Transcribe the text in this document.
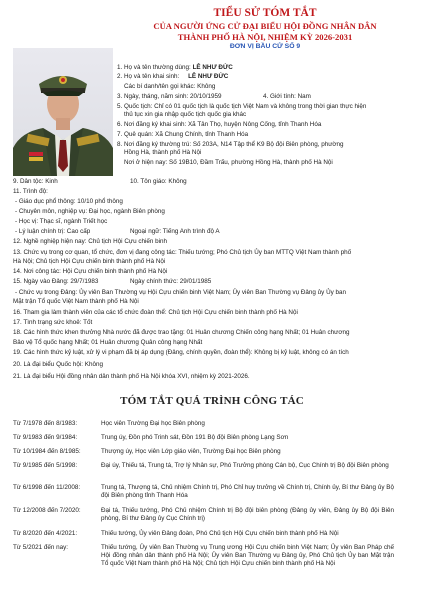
TIỂU SỬ TÓM TẮT
CỦA NGƯỜI ỨNG CỬ ĐẠI BIỂU HỘI ĐỒNG NHÂN DÂN
THÀNH PHỐ HÀ NỘI, NHIỆM KỲ 2026-2031
ĐƠN VỊ BẦU CỬ SỐ 9
1. Họ và tên thường dùng: LÊ NHƯ ĐỨC
2. Họ và tên khai sinh:     LÊ NHƯ ĐỨC
Các bí danh/tên gọi khác: Không
3. Ngày, tháng, năm sinh: 20/10/1959	4. Giới tính: Nam
5. Quốc tịch: Chỉ có 01 quốc tịch là quốc tịch Việt Nam và không trong thời gian thực hiện
thủ tục xin gia nhập quốc tịch quốc gia khác
6. Nơi đăng ký khai sinh: Xã Tân Thọ, huyện Nông Cống, tỉnh Thanh Hóa
7. Quê quán: Xã Chung Chính, tỉnh Thanh Hóa
8. Nơi đăng ký thường trú: Số 203A, N14 Tập thể K9 Bộ đội Biên phòng, phường
Hồng Hà, thành phố Hà Nội
Nơi ở hiện nay: Số 19B10, Đầm Trấu, phường Hồng Hà, thành phố Hà Nội
9. Dân tộc: Kinh	10. Tôn giáo: Không
11. Trình độ:
- Giáo dục phổ thông: 10/10 phổ thông
- Chuyên môn, nghiệp vụ: Đại học, ngành Biên phòng
- Học vị: Thạc sĩ, ngành Triết học
- Lý luận chính trị: Cao cấp	Ngoại ngữ: Tiếng Anh trình độ A
12. Nghề nghiệp hiện nay: Chủ tịch Hội Cựu chiến binh
13. Chức vụ trong cơ quan, tổ chức, đơn vị đang công tác: Thiếu tướng; Phó Chủ tịch Ủy ban MTTQ Việt Nam thành phố
Hà Nội; Chủ tịch Hội Cựu chiến binh thành phố Hà Nội
14. Nơi công tác: Hội Cựu chiến binh thành phố Hà Nội
15. Ngày vào Đảng: 29/7/1983	Ngày chính thức: 29/01/1985
- Chức vụ trong Đảng: Ủy viên Ban Thường vụ Hội Cựu chiến binh Việt Nam; Ủy viên Ban Thường vụ Đảng ủy Ủy ban
Mặt trận Tổ quốc Việt Nam thành phố Hà Nội
16. Tham gia làm thành viên của các tổ chức đoàn thể: Chủ tịch Hội Cựu chiến binh thành phố Hà Nội
17. Tình trạng sức khoẻ: Tốt
18. Các hình thức khen thưởng Nhà nước đã được trao tặng: 01 Huân chương Chiến công hạng Nhất; 01 Huân chương
Bảo vệ Tổ quốc hạng Nhất; 01 Huân chương Quân công hạng Nhất
19. Các hình thức kỷ luật, xử lý vi phạm đã bị áp dụng (Đảng, chính quyền, đoàn thể): Không bị kỷ luật, không có án tích
20. Là đại biểu Quốc hội: Không
21. Là đại biểu Hội đồng nhân dân thành phố Hà Nội khóa XVI, nhiệm kỳ 2021-2026.
TÓM TẮT QUÁ TRÌNH CÔNG TÁC
Từ 7/1978 đến 8/1983:	Học viên Trường Đại học Biên phòng
Từ 9/1983 đến 9/1984:	Trung úy, Đồn phó Trinh sát, Đồn 191 Bộ đội Biên phòng Lạng Sơn
Từ 10/1984 đến 8/1985:	Thượng úy, Học viên Lớp giáo viên, Trường Đại học Biên phòng
Từ 9/1985 đến 5/1998:	Đại úy, Thiếu tá, Trung tá, Trợ lý Nhân sự, Phó Trưởng phòng Cán bộ, Cục Chính trị Bộ đội Biên phòng
Từ 6/1998 đến 11/2008:	Trung tá, Thượng tá, Chủ nhiệm Chính trị, Phó Chỉ huy trưởng về Chính trị, Chính ủy, Bí thư Đảng ủy Bộ đội Biên phòng tỉnh Thanh Hóa
Từ 12/2008 đến 7/2020:	Đại tá, Thiếu tướng, Phó Chủ nhiệm Chính trị Bộ đội biên phòng (Đảng ủy viên, Đảng ủy Bộ đội Biên phòng, Bí thư Đảng ủy Cục Chính trị)
Từ 8/2020 đến 4/2021:	Thiếu tướng, Ủy viên Đảng đoàn, Phó Chủ tịch Hội Cựu chiến binh thành phố Hà Nội
Từ 5/2021 đến nay:	Thiếu tướng, Ủy viên Ban Thường vụ Trung ương Hội Cựu chiến binh Việt Nam; Ủy viên Ban Pháp chế Hội đồng nhân dân thành phố Hà Nội; Ủy viên Ban Thường vụ Đảng ủy, Phó Chủ tịch Ủy ban Mặt trận Tổ quốc Việt Nam thành phố Hà Nội; Chủ tịch Hội Cựu chiến binh thành phố Hà Nội
